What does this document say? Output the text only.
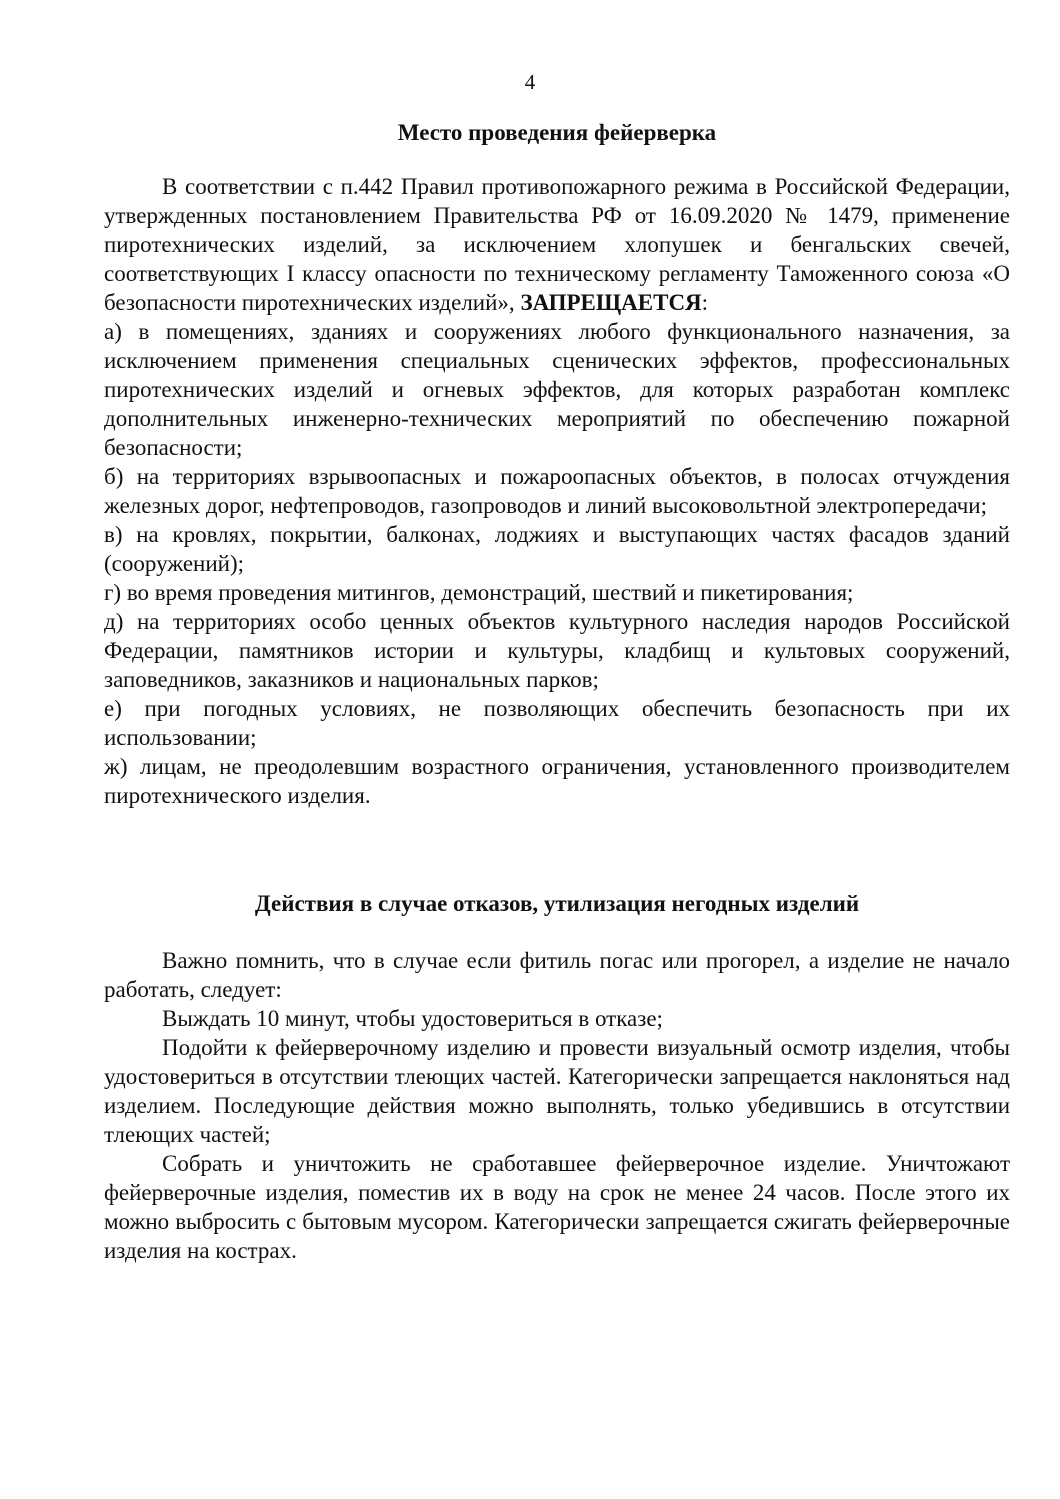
4
Место проведения фейерверка

В соответствии с п.442 Правил противопожарного режима в Российской Федерации, утвержденных постановлением Правительства РФ от 16.09.2020 № 1479, применение пиротехнических изделий, за исключением хлопушек и бенгальских свечей, соответствующих I классу опасности по техническому регламенту Таможенного союза «О безопасности пиротехнических изделий», ЗАПРЕЩАЕТСЯ:

а) в помещениях, зданиях и сооружениях любого функционального назначения, за исключением применения специальных сценических эффектов, профессиональных пиротехнических изделий и огневых эффектов, для которых разработан комплекс дополнительных инженерно-технических мероприятий по обеспечению пожарной безопасности;

б) на территориях взрывоопасных и пожароопасных объектов, в полосах отчуждения железных дорог, нефтепроводов, газопроводов и линий высоковольтной электропередачи;

в) на кровлях, покрытии, балконах, лоджиях и выступающих частях фасадов зданий (сооружений);

г) во время проведения митингов, демонстраций, шествий и пикетирования;

д) на территориях особо ценных объектов культурного наследия народов Российской Федерации, памятников истории и культуры, кладбищ и культовых сооружений, заповедников, заказников и национальных парков;

е) при погодных условиях, не позволяющих обеспечить безопасность при их использовании;

ж) лицам, не преодолевшим возрастного ограничения, установленного производителем пиротехнического изделия.

Действия в случае отказов, утилизация негодных изделий

Важно помнить, что в случае если фитиль погас или прогорел, а изделие не начало работать, следует:

Выждать 10 минут, чтобы удостовериться в отказе;

Подойти к фейерверочному изделию и провести визуальный осмотр изделия, чтобы удостовериться в отсутствии тлеющих частей. Категорически запрещается наклоняться над изделием. Последующие действия можно выполнять, только убедившись в отсутствии тлеющих частей;

Собрать и уничтожить не сработавшее фейерверочное изделие. Уничтожают фейерверочные изделия, поместив их в воду на срок не менее 24 часов. После этого их можно выбросить с бытовым мусором. Категорически запрещается сжигать фейерверочные изделия на кострах.
